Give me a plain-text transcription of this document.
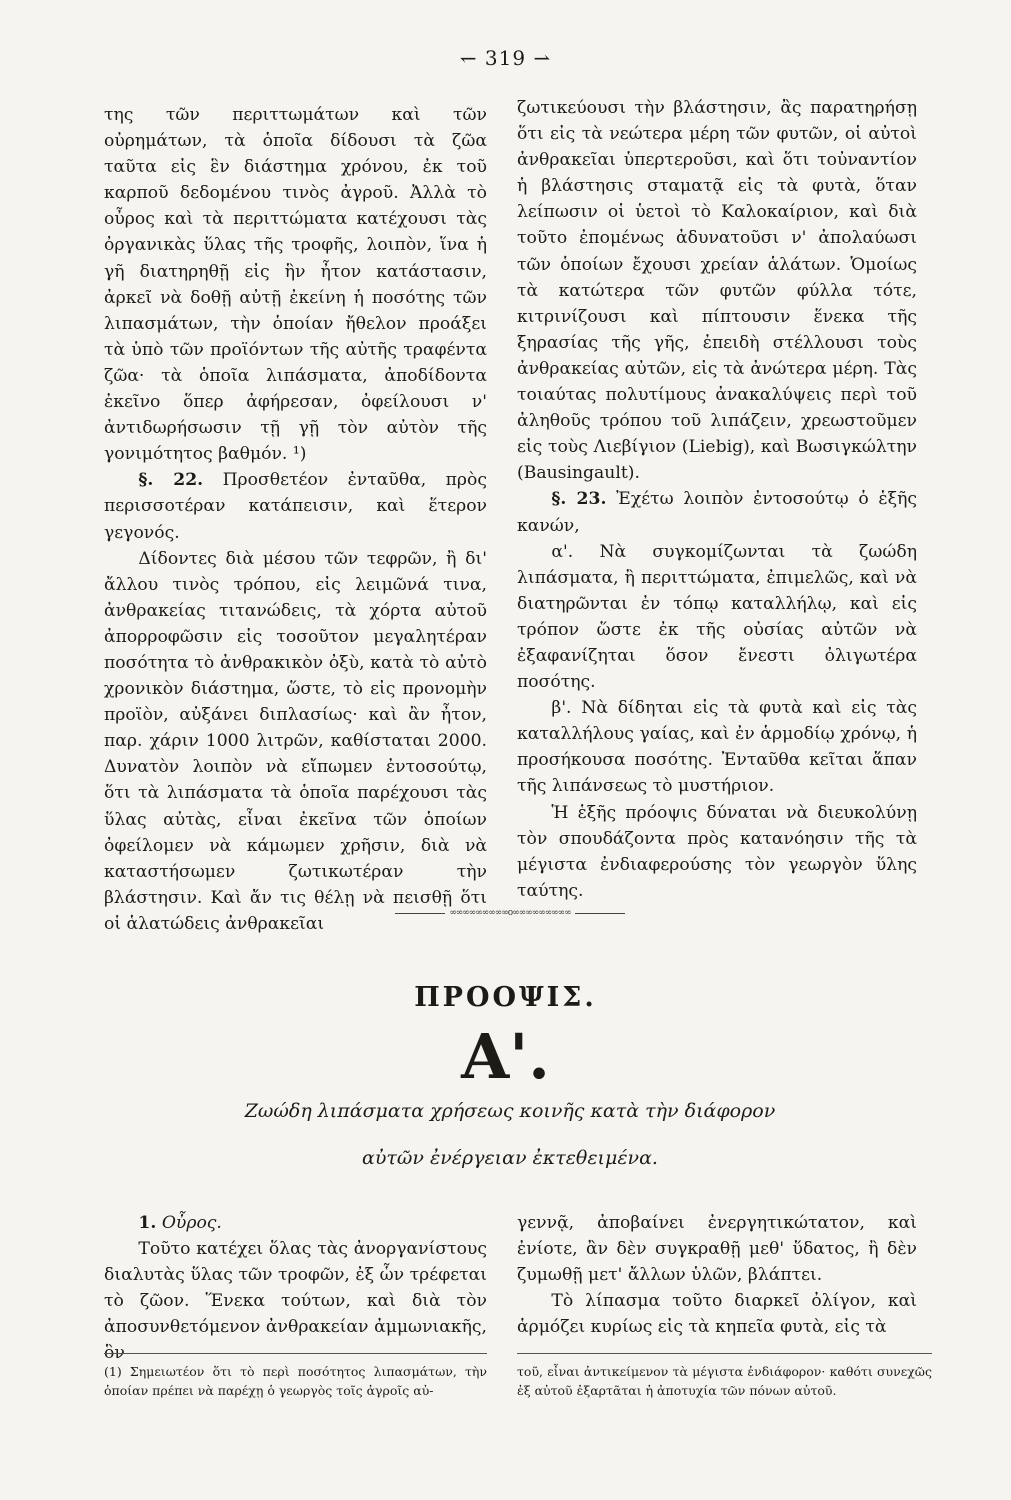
↽ 319 ⇀

της τῶν περιττωμάτων καὶ τῶν οὐρημάτων, τὰ ὁποῖα δίδουσι τὰ ζῶα ταῦτα εἰς ἓν διάστημα χρόνου, ἐκ τοῦ καρποῦ δεδομένου τινὸς ἀγροῦ. Ἀλλὰ τὸ οὖρος καὶ τὰ περιττώματα κατέχουσι τὰς ὀργανικὰς ὕλας τῆς τροφῆς, λοιπὸν, ἵνα ἡ γῆ διατηρηθῇ εἰς ἣν ἦτον κατάστασιν, ἀρκεῖ νὰ δοθῇ αὐτῇ ἐκείνη ἡ ποσότης τῶν λιπασμάτων, τὴν ὁποίαν ἤθελον προάξει τὰ ὑπὸ τῶν προϊόντων τῆς αὐτῆς τραφέντα ζῶα· τὰ ὁποῖα λιπάσματα, ἀποδίδοντα ἐκεῖνο ὅπερ ἀφήρεσαν, ὀφείλουσι ν' ἀντιδωρήσωσιν τῇ γῇ τὸν αὐτὸν τῆς γονιμότητος βαθμόν. ¹)

§. 22. Προσθετέον ἐνταῦθα, πρὸς περισσοτέραν κατάπεισιν, καὶ ἕτερον γεγονός.

Δίδοντες διὰ μέσου τῶν τεφρῶν, ἢ δι' ἄλλου τινὸς τρόπου, εἰς λειμῶνά τινα, ἀνθρακείας τιτανώδεις, τὰ χόρτα αὐτοῦ ἀπορροφῶσιν εἰς τοσοῦτον μεγαλητέραν ποσότητα τὸ ἀνθρακικὸν ὀξὺ, κατὰ τὸ αὐτὸ χρονικὸν διάστημα, ὥστε, τὸ εἰς προνομὴν προϊὸν, αὐξάνει διπλασίως· καὶ ἂν ἦτον, παρ. χάριν 1000 λιτρῶν, καθίσταται 2000. Δυνατὸν λοιπὸν νὰ εἴπωμεν ἐντοσούτῳ, ὅτι τὰ λιπάσματα τὰ ὁποῖα παρέχουσι τὰς ὕλας αὐτὰς, εἶναι ἐκεῖνα τῶν ὁποίων ὀφείλομεν νὰ κάμωμεν χρῆσιν, διὰ νὰ καταστήσωμεν ζωτικωτέραν τὴν βλάστησιν. Καὶ ἄν τις θέλῃ νὰ πεισθῇ ὅτι οἱ ἁλατώδεις ἀνθρακεῖαι

ζωτικεύουσι τὴν βλάστησιν, ἂς παρατηρήσῃ ὅτι εἰς τὰ νεώτερα μέρη τῶν φυτῶν, οἱ αὐτοὶ ἀνθρακεῖαι ὑπερτεροῦσι, καὶ ὅτι τοὐναντίον ἡ βλάστησις σταματᾷ εἰς τὰ φυτὰ, ὅταν λείπωσιν οἱ ὑετοὶ τὸ Καλοκαίριον, καὶ διὰ τοῦτο ἐπομένως ἀδυνατοῦσι ν' ἀπολαύωσι τῶν ὁποίων ἔχουσι χρείαν ἁλάτων. Ὁμοίως τὰ κατώτερα τῶν φυτῶν φύλλα τότε, κιτρινίζουσι καὶ πίπτουσιν ἕνεκα τῆς ξηρασίας τῆς γῆς, ἐπειδὴ στέλλουσι τοὺς ἀνθρακείας αὐτῶν, εἰς τὰ ἀνώτερα μέρη. Τὰς τοιαύτας πολυτίμους ἀνακαλύψεις περὶ τοῦ ἀληθοῦς τρόπου τοῦ λιπάζειν, χρεωστοῦμεν εἰς τοὺς Λιεβίγιον (Liebig), καὶ Βωσιγκώλτην (Bausingault).

§. 23. Ἐχέτω λοιπὸν ἐντοσούτῳ ὁ ἑξῆς κανών,

α'. Νὰ συγκομίζωνται τὰ ζωώδη λιπάσματα, ἢ περιττώματα, ἐπιμελῶς, καὶ νὰ διατηρῶνται ἐν τόπῳ καταλλήλῳ, καὶ εἰς τρόπον ὥστε ἐκ τῆς οὐσίας αὐτῶν νὰ ἐξαφανίζηται ὅσον ἔνεστι ὀλιγωτέρα ποσότης.

β'. Νὰ δίδηται εἰς τὰ φυτὰ καὶ εἰς τὰς καταλλήλους γαίας, καὶ ἐν ἁρμοδίῳ χρόνῳ, ἡ προσήκουσα ποσότης. Ἐνταῦθα κεῖται ἅπαν τῆς λιπάνσεως τὸ μυστήριον.

Ἡ ἑξῆς πρόοψις δύναται νὰ διευκολύνῃ τὸν σπουδάζοντα πρὸς κατανόησιν τῆς τὰ μέγιστα ἐνδιαφερούσης τὸν γεωργὸν ὕλης ταύτης.

∞∞∞∞∞∞∞∞∞o∞∞∞∞∞∞∞∞∞
ΠΡΟΟΨΙΣ.
Α'.
Ζωώδη λιπάσματα χρήσεως κοινῆς κατὰ τὴν διάφορον
αὐτῶν ἐνέργειαν ἐκτεθειμένα.

1. Οὖρος.

Τοῦτο κατέχει ὅλας τὰς ἀνοργανίστους διαλυτὰς ὕλας τῶν τροφῶν, ἐξ ὧν τρέφεται τὸ ζῶον. Ἕνεκα τούτων, καὶ διὰ τὸν ἀποσυνθετόμενον ἀνθρακείαν ἀμμωνιακῆς, ὃν

γεννᾷ, ἀποβαίνει ἐνεργητικώτατον, καὶ ἐνίοτε, ἂν δὲν συγκραθῇ μεθ' ὕδατος, ἢ δὲν ζυμωθῇ μετ' ἄλλων ὑλῶν, βλάπτει.

Τὸ λίπασμα τοῦτο διαρκεῖ ὀλίγον, καὶ ἁρμόζει κυρίως εἰς τὰ κηπεῖα φυτὰ, εἰς τὰ

(1) Σημειωτέον ὅτι τὸ περὶ ποσότητος λιπασμάτων, τὴν ὁποίαν πρέπει νὰ παρέχῃ ὁ γεωργὸς τοῖς ἀγροῖς αὐ-
τοῦ, εἶναι ἀντικείμενον τὰ μέγιστα ἐνδιάφορον· καθότι συνεχῶς ἐξ αὐτοῦ ἐξαρτᾶται ἡ ἀποτυχία τῶν πόνων αὐτοῦ.
